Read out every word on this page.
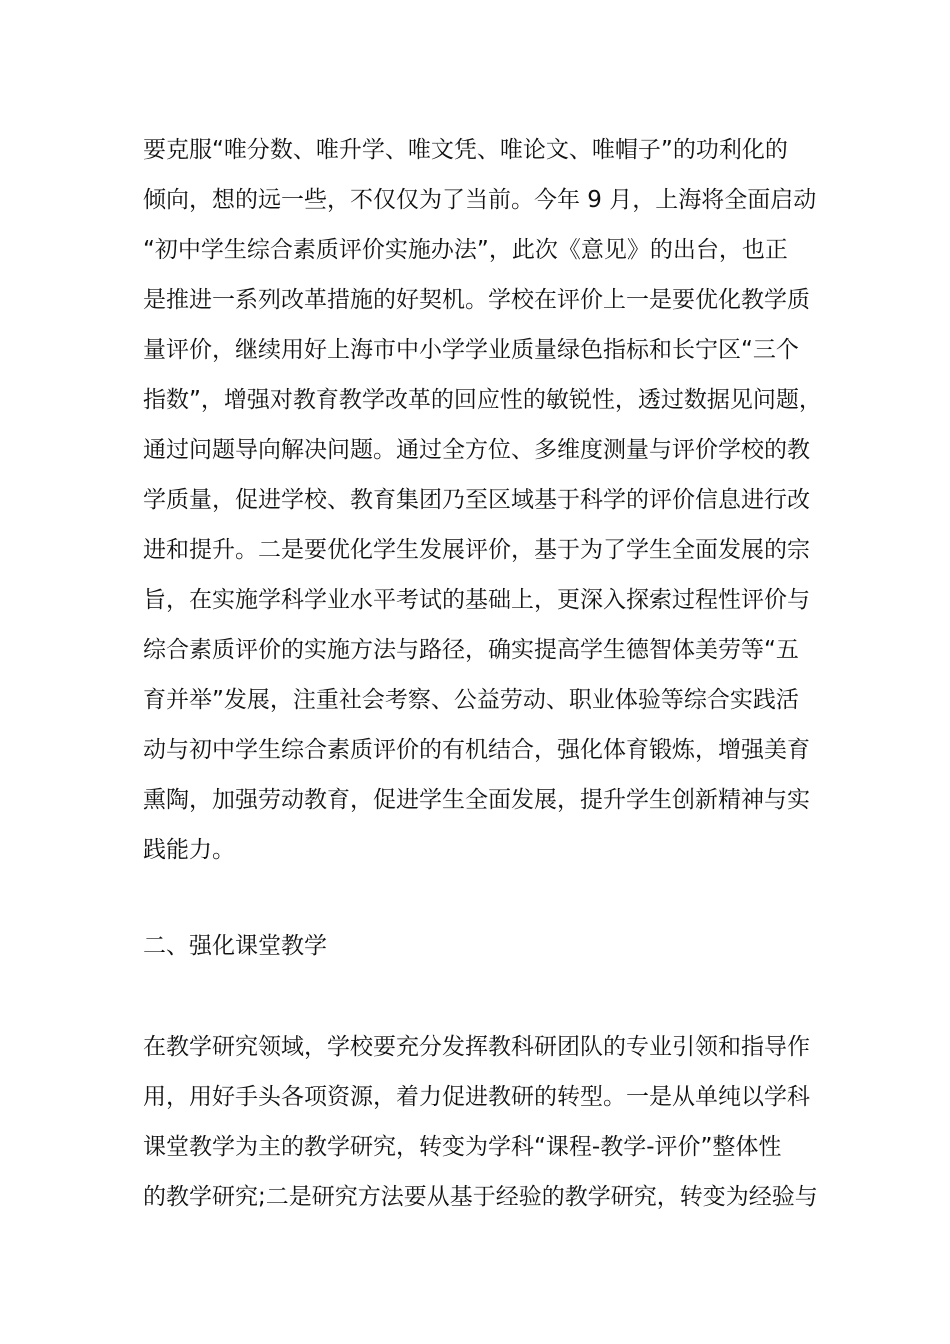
要克服“唯分数、唯升学、唯文凭、唯论文、唯帽子”的功利化的
倾向，想的远一些，不仅仅为了当前。今年 9 月，上海将全面启动
“初中学生综合素质评价实施办法”，此次《意见》的出台，也正
是推进一系列改革措施的好契机。学校在评价上一是要优化教学质
量评价，继续用好上海市中小学学业质量绿色指标和长宁区“三个
指数”，增强对教育教学改革的回应性的敏锐性，透过数据见问题，
通过问题导向解决问题。通过全方位、多维度测量与评价学校的教
学质量，促进学校、教育集团乃至区域基于科学的评价信息进行改
进和提升。二是要优化学生发展评价，基于为了学生全面发展的宗
旨，在实施学科学业水平考试的基础上，更深入探索过程性评价与
综合素质评价的实施方法与路径，确实提高学生德智体美劳等“五
育并举”发展，注重社会考察、公益劳动、职业体验等综合实践活
动与初中学生综合素质评价的有机结合，强化体育锻炼，增强美育
熏陶，加强劳动教育，促进学生全面发展，提升学生创新精神与实
践能力。
二、强化课堂教学
在教学研究领域，学校要充分发挥教科研团队的专业引领和指导作
用，用好手头各项资源，着力促进教研的转型。一是从单纯以学科
课堂教学为主的教学研究，转变为学科“课程-教学-评价”整体性
的教学研究;二是研究方法要从基于经验的教学研究，转变为经验与
